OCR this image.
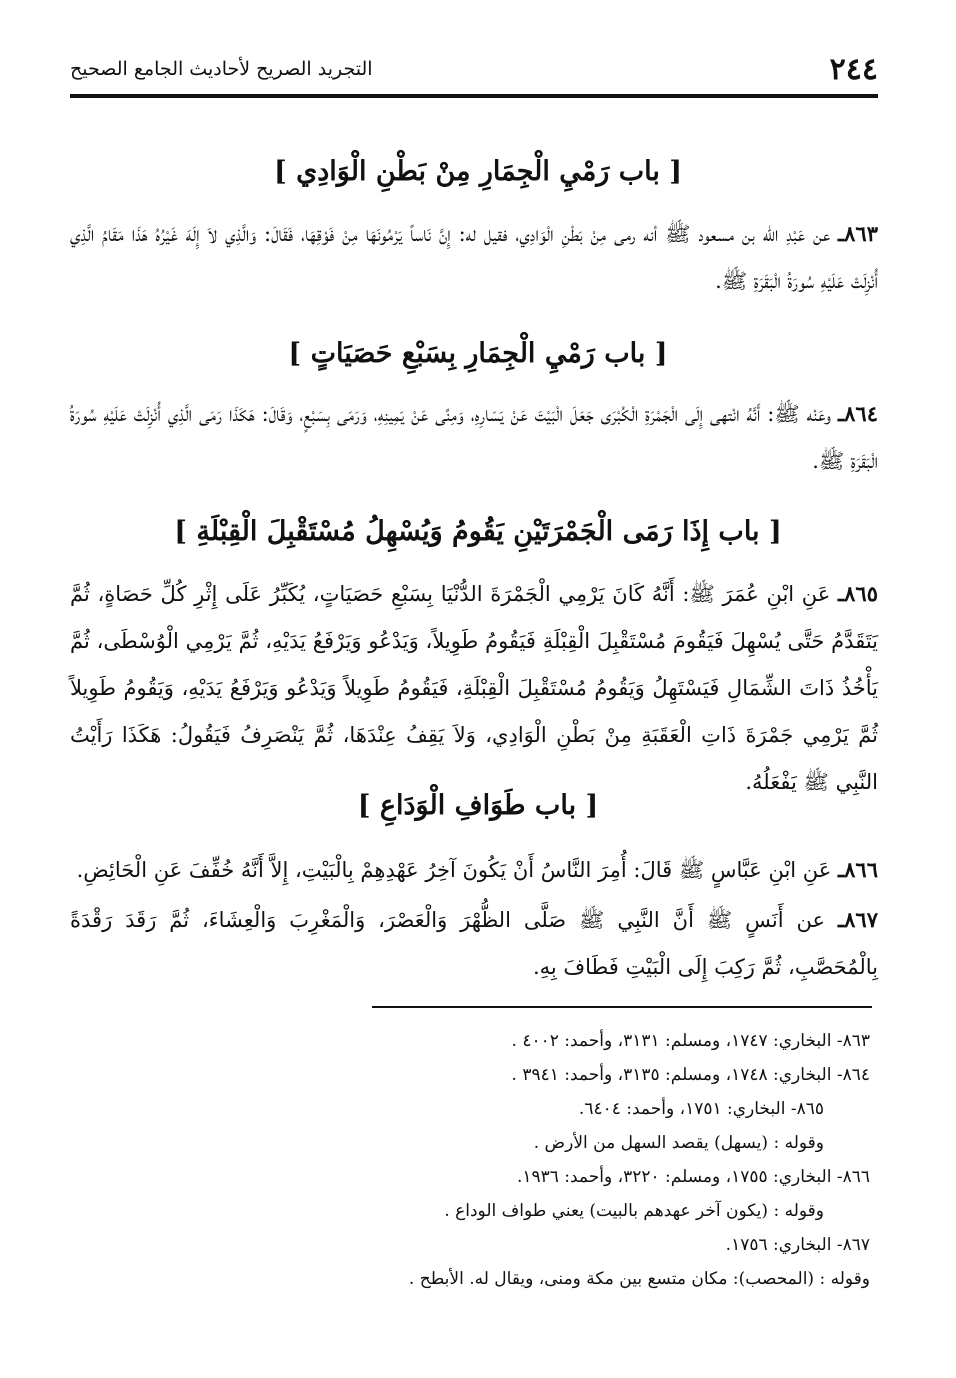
٢٤٤
التجريد الصريح لأحاديث الجامع الصحيح
[ باب رَمْيِ الْجِمَارِ مِنْ بَطْنِ الْوَادِي ]
٨٦٣ـ عن عَبْدِ الله بن مسعود ﷺ أنه رمى مِنْ بَطْنِ الْوَادِي، فقيل له: إِنَّ نَاساً يَرْمُونَهَا مِنْ فَوْقِهَا، فَقَالَ: وَالَّذِي لاَ إِلَهَ غَيْرُهُ هَذَا مَقَامُ الَّذِي أُنْزِلَتْ عَلَيْهِ سُورَةُ الْبَقَرَةِ ﷺ.
[ باب رَمْيِ الْجِمَارِ بِسَبْعِ حَصَيَاتٍ ]
٨٦٤ـ وعَنْه ﷺ: أَنَّهُ انْتهى إِلَى الْجَمْرَةِ الْكُبْرَى جَعَلَ الْبَيْتَ عَنْ يَسَارِهِ، وَمِنًى عَنْ يَمِينِهِ، وَرَمَى بِسَبْعٍ، وَقَالَ: هَكَذَا رَمَى الَّذِي أُنْزِلَتْ عَلَيْهِ سُورَةُ الْبَقَرَةِ ﷺ.
[ باب إِذَا رَمَى الْجَمْرَتَيْنِ يَقُومُ وَيُسْهِلُ مُسْتَقْبِلَ الْقِبْلَةِ ]
٨٦٥ـ عَنِ ابْنِ عُمَرَ ﷺ: أَنَّهُ كَانَ يَرْمِي الْجَمْرَةَ الدُّنْيَا بِسَبْعِ حَصَيَاتٍ، يُكَبِّرُ عَلَى إِثْرِ كُلِّ حَصَاةٍ، ثُمَّ يَتَقَدَّمُ حَتَّى يُسْهِلَ فَيَقُومَ مُسْتَقْبِلَ الْقِبْلَةِ فَيَقُومُ طَوِيلاً، وَيَدْعُو وَيَرْفَعُ يَدَيْهِ، ثُمَّ يَرْمِي الْوُسْطَى، ثُمَّ يَأْخُذُ ذَاتَ الشِّمَالِ فَيَسْتَهِلُ وَيَقُومُ مُسْتَقْبِلَ الْقِبْلَةِ، فَيَقُومُ طَوِيلاً وَيَدْعُو وَيَرْفَعُ يَدَيْهِ، وَيَقُومُ طَوِيلاً ثُمَّ يَرْمِي جَمْرَةَ ذَاتِ الْعَقَبَةِ مِنْ بَطْنِ الْوَادِي، وَلاَ يَقِفُ عِنْدَهَا، ثُمَّ يَنْصَرِفُ فَيَقُولُ: هَكَذَا رَأَيْتُ النَّبِي ﷺ يَفْعَلُهُ.
[ باب طَوَافِ الْوَدَاعِ ]
٨٦٦ـ عَنِ ابْنِ عَبَّاسٍ ﷺ قَالَ: أُمِرَ النَّاسُ أَنْ يَكُونَ آخِرُ عَهْدِهِمْ بِالْبَيْتِ، إِلاَّ أَنَّهُ خُفِّفَ عَنِ الْحَائِضِ.
٨٦٧ـ عن أَنَسٍ ﷺ أَنَّ النَّبِي ﷺ صَلَّى الظُّهْرَ وَالْعَصْرَ، وَالْمَغْرِبَ وَالْعِشَاءَ، ثُمَّ رَقَدَ رَقْدَةً بِالْمُحَصَّبِ، ثُمَّ رَكِبَ إِلَى الْبَيْتِ فَطَافَ بِهِ.
٨٦٣- البخاري: ١٧٤٧، ومسلم: ٣١٣١، وأحمد: ٤٠٠٢ .
٨٦٤- البخاري: ١٧٤٨، ومسلم: ٣١٣٥، وأحمد: ٣٩٤١ .
٨٦٥- البخاري: ١٧٥١، وأحمد: ٦٤٠٤.
وقوله : (يسهل) يقصد السهل من الأرض .
٨٦٦- البخاري: ١٧٥٥، ومسلم: ٣٢٢٠، وأحمد: ١٩٣٦.
وقوله : (يكون آخر عهدهم بالبيت) يعني طواف الوداع .
٨٦٧- البخاري: ١٧٥٦.
وقوله : (المحصب): مكان متسع بين مكة ومنى، ويقال له. الأبطح .
